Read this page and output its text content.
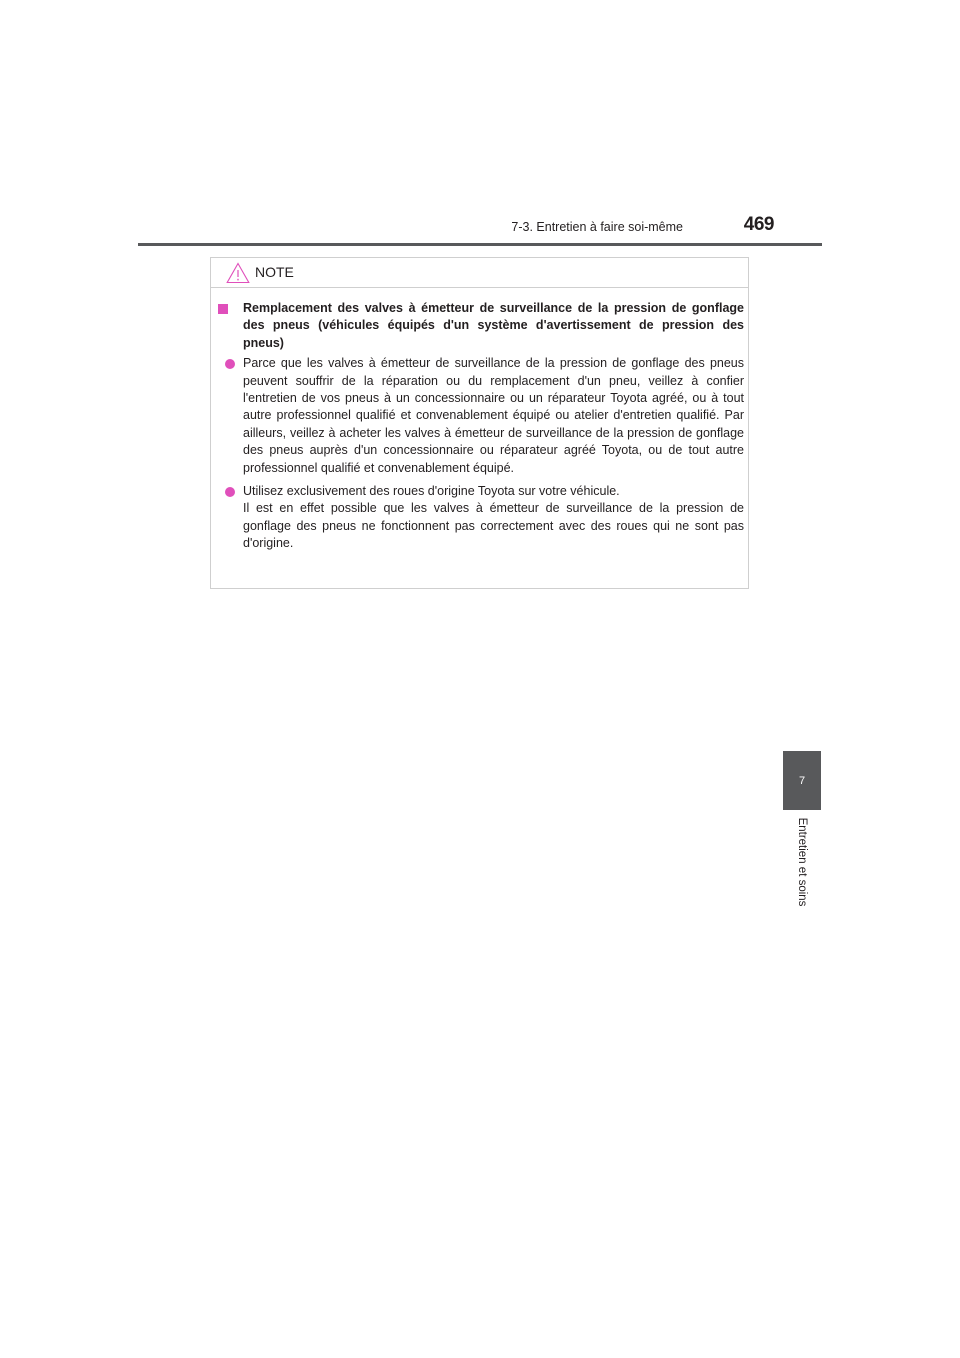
7-3. Entretien à faire soi-même	469
7
Entretien et soins
NOTE
Remplacement des valves à émetteur de surveillance de la pression de gonflage des pneus (véhicules équipés d'un système d'avertissement de pression des pneus)
Parce que les valves à émetteur de surveillance de la pression de gonflage des pneus peuvent souffrir de la réparation ou du remplacement d'un pneu, veillez à confier l'entretien de vos pneus à un concessionnaire ou un réparateur Toyota agréé, ou à tout autre professionnel qualifié et convenablement équipé ou atelier d'entretien qualifié. Par ailleurs, veillez à acheter les valves à émetteur de surveillance de la pression de gonflage des pneus auprès d'un concessionnaire ou réparateur agréé Toyota, ou de tout autre professionnel qualifié et convenablement équipé.

Utilisez exclusivement des roues d'origine Toyota sur votre véhicule.

Il est en effet possible que les valves à émetteur de surveillance de la pression de gonflage des pneus ne fonctionnent pas correctement avec des roues qui ne sont pas d'origine.
